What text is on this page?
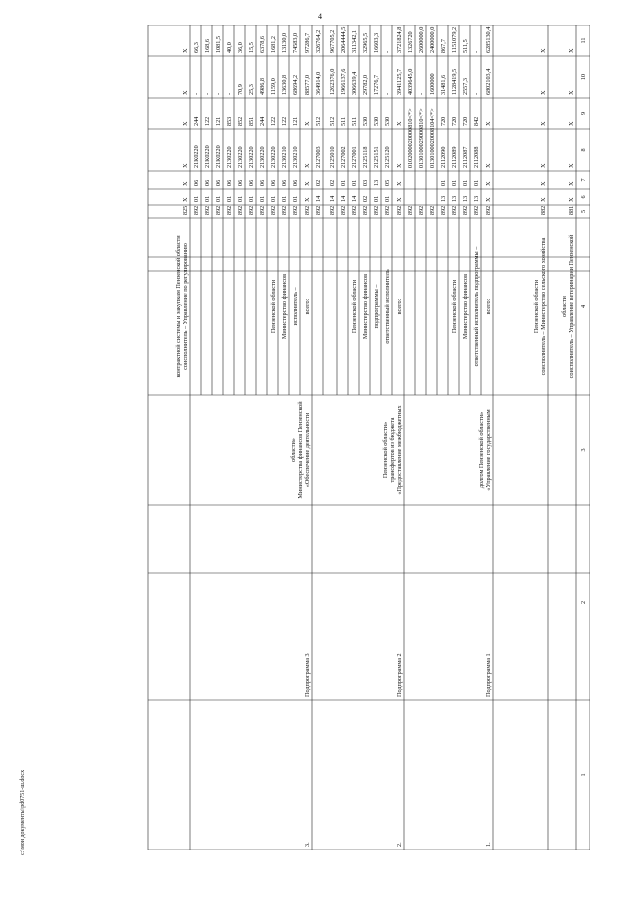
4
1
2
3
4
5
6
7
8
9
10
11
соисполнитель – Управление ветеринарии Пензенской
области
881
X
X
X
X
X
X
соисполнитель – Министерство сельского хозяйства
Пензенской области
882
X
X
X
X
X
X
1.
Подпрограмма 1
«Управление государственным
долгом Пензенской области»
всего:
892
X
X
X
X
6802103,4
6285130,4
ответственный исполнитель подпрограммы –
892
13
01
2112088
842
-
-
Министерство финансов
892
13
01
2112087
720
2557,3
511,5
Пензенской области
892
13
01
2112089
720
1128419,5
1151079,2
892
13
01
2112090
720
31481,6
867,7
892
0130100020008104<*>
1600000
2400000,0
892
0130100029000810<*>
-
2600000,0
892
0102000020000810<*>
4039645,0
1326720
2.
Подпрограмма 2
«Предоставление межбюджетных
трансфертов из бюджета
Пензенской области»
всего:
892
X
X
X
X
3941125,7
3721824,8
ответственный исполнитель
892
01
05
2125120
530
-
-
подпрограммы –
892
01
13
2125151
530
17276,7
16603,3
Министерство финансов
892
02
03
2125118
530
29782,0
32965,5
Пензенской области
892
14
01
2127001
511
306639,4
311342,1
892
14
01
2127002
511
1966137,6
2064444,5
892
14
02
2125010
512
1262376,0
967705,2
892
14
02
2127003
512
364914,0
326764,2
3.
Подпрограмма 3
«Обеспечение деятельности
Министерства финансов Пензенской
области»
всего:
892
X
X
X
X
88577,0
97286,7
исполнитель –
892
01
06
2130210
121
68694,2
74583,0
Министерство финансов
892
01
06
2130210
122
13630,8
13130,0
Пензенской области
892
01
06
2130220
122
1159,0
1681,2
892
01
06
2130220
244
4986,8
6378,6
892
01
06
2130220
851
25,3
15,5
892
01
06
2130220
852
70,9
36,0
892
01
06
2130220
853
-
40,0
892
01
06
21К0220
121
-
1081,5
892
01
06
21К0220
122
-
168,6
892
01
06
21К0220
244
-
66,3
соисполнитель – Управление по регулированию
контрактной системы и закупкам Пензенской области
825
X
X
X
X
X
X
c:\мои документы\pd0751-ш.docx
